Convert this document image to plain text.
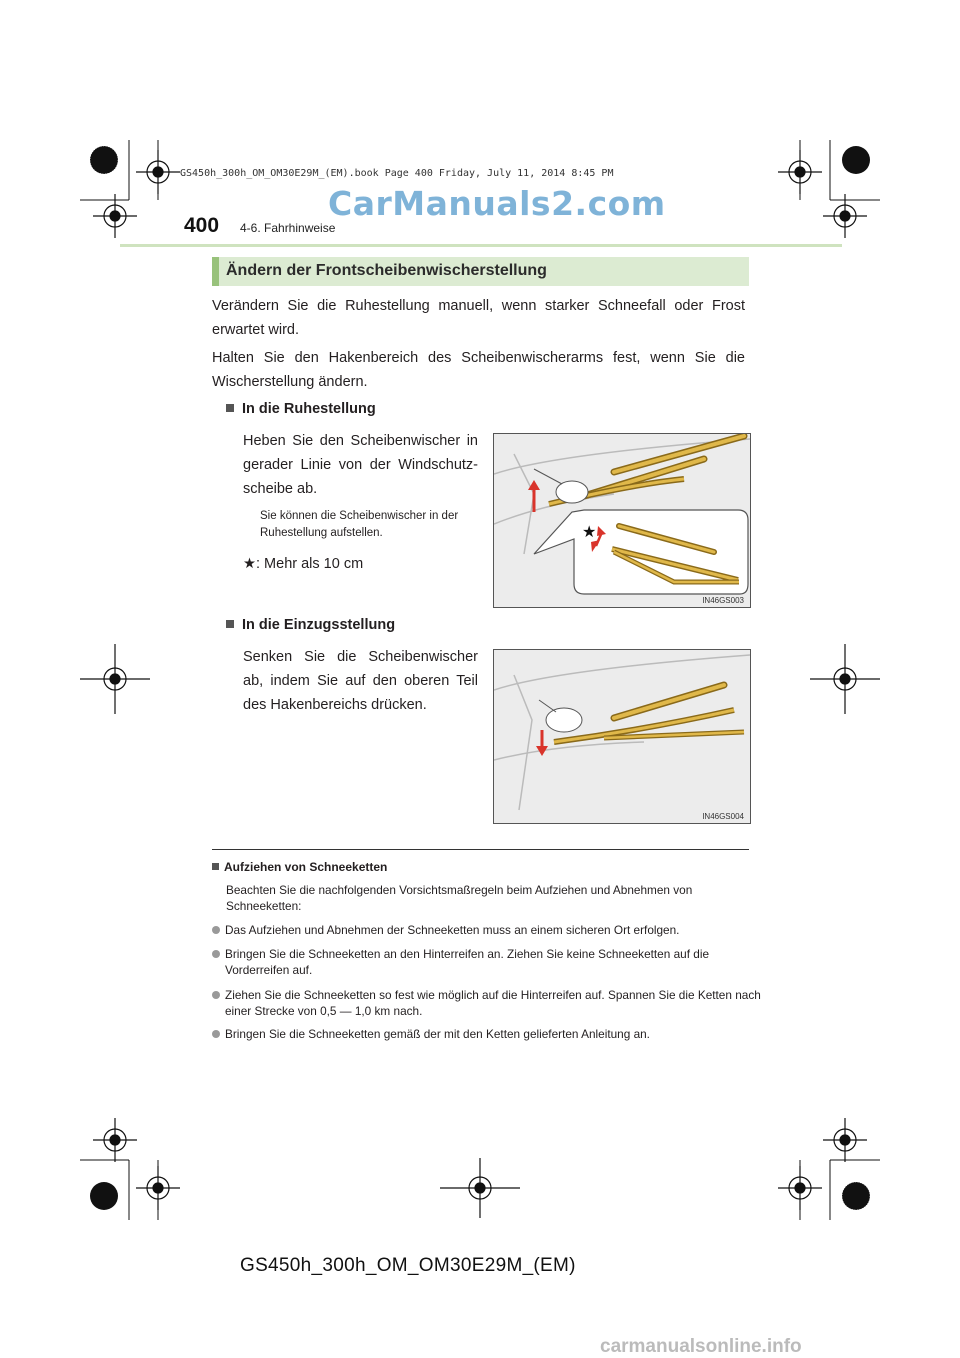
GS450h_300h_OM_OM30E29M_(EM).book Page 400 Friday, July 11, 2014 8:45 PM
CarManuals2.com
400 4-6. Fahrhinweise
Ändern der Frontscheibenwischerstellung
Verändern Sie die Ruhestellung manuell, wenn starker Schneefall oder Frost erwartet wird.
Halten Sie den Hakenbereich des Scheibenwischerarms fest, wenn Sie die Wischerstellung ändern.
In die Ruhestellung
Heben Sie den Scheibenwischer in gerader Linie von der Windschutz-scheibe ab.
Sie können die Scheibenwischer in der Ruhestellung aufstellen.
★: Mehr als 10 cm
★
IN46GS003
In die Einzugsstellung
Senken Sie die Scheibenwischer ab, indem Sie auf den oberen Teil des Hakenbereichs drücken.
IN46GS004
Aufziehen von Schneeketten
Beachten Sie die nachfolgenden Vorsichtsmaßregeln beim Aufziehen und Abnehmen von Schneeketten:
Das Aufziehen und Abnehmen der Schneeketten muss an einem sicheren Ort erfolgen.
Bringen Sie die Schneeketten an den Hinterreifen an. Ziehen Sie keine Schneeketten auf die Vorderreifen auf.
Ziehen Sie die Schneeketten so fest wie möglich auf die Hinterreifen auf. Spannen Sie die Ketten nach einer Strecke von 0,5 — 1,0 km nach.
Bringen Sie die Schneeketten gemäß der mit den Ketten gelieferten Anleitung an.
GS450h_300h_OM_OM30E29M_(EM)
carmanualsonline.info
